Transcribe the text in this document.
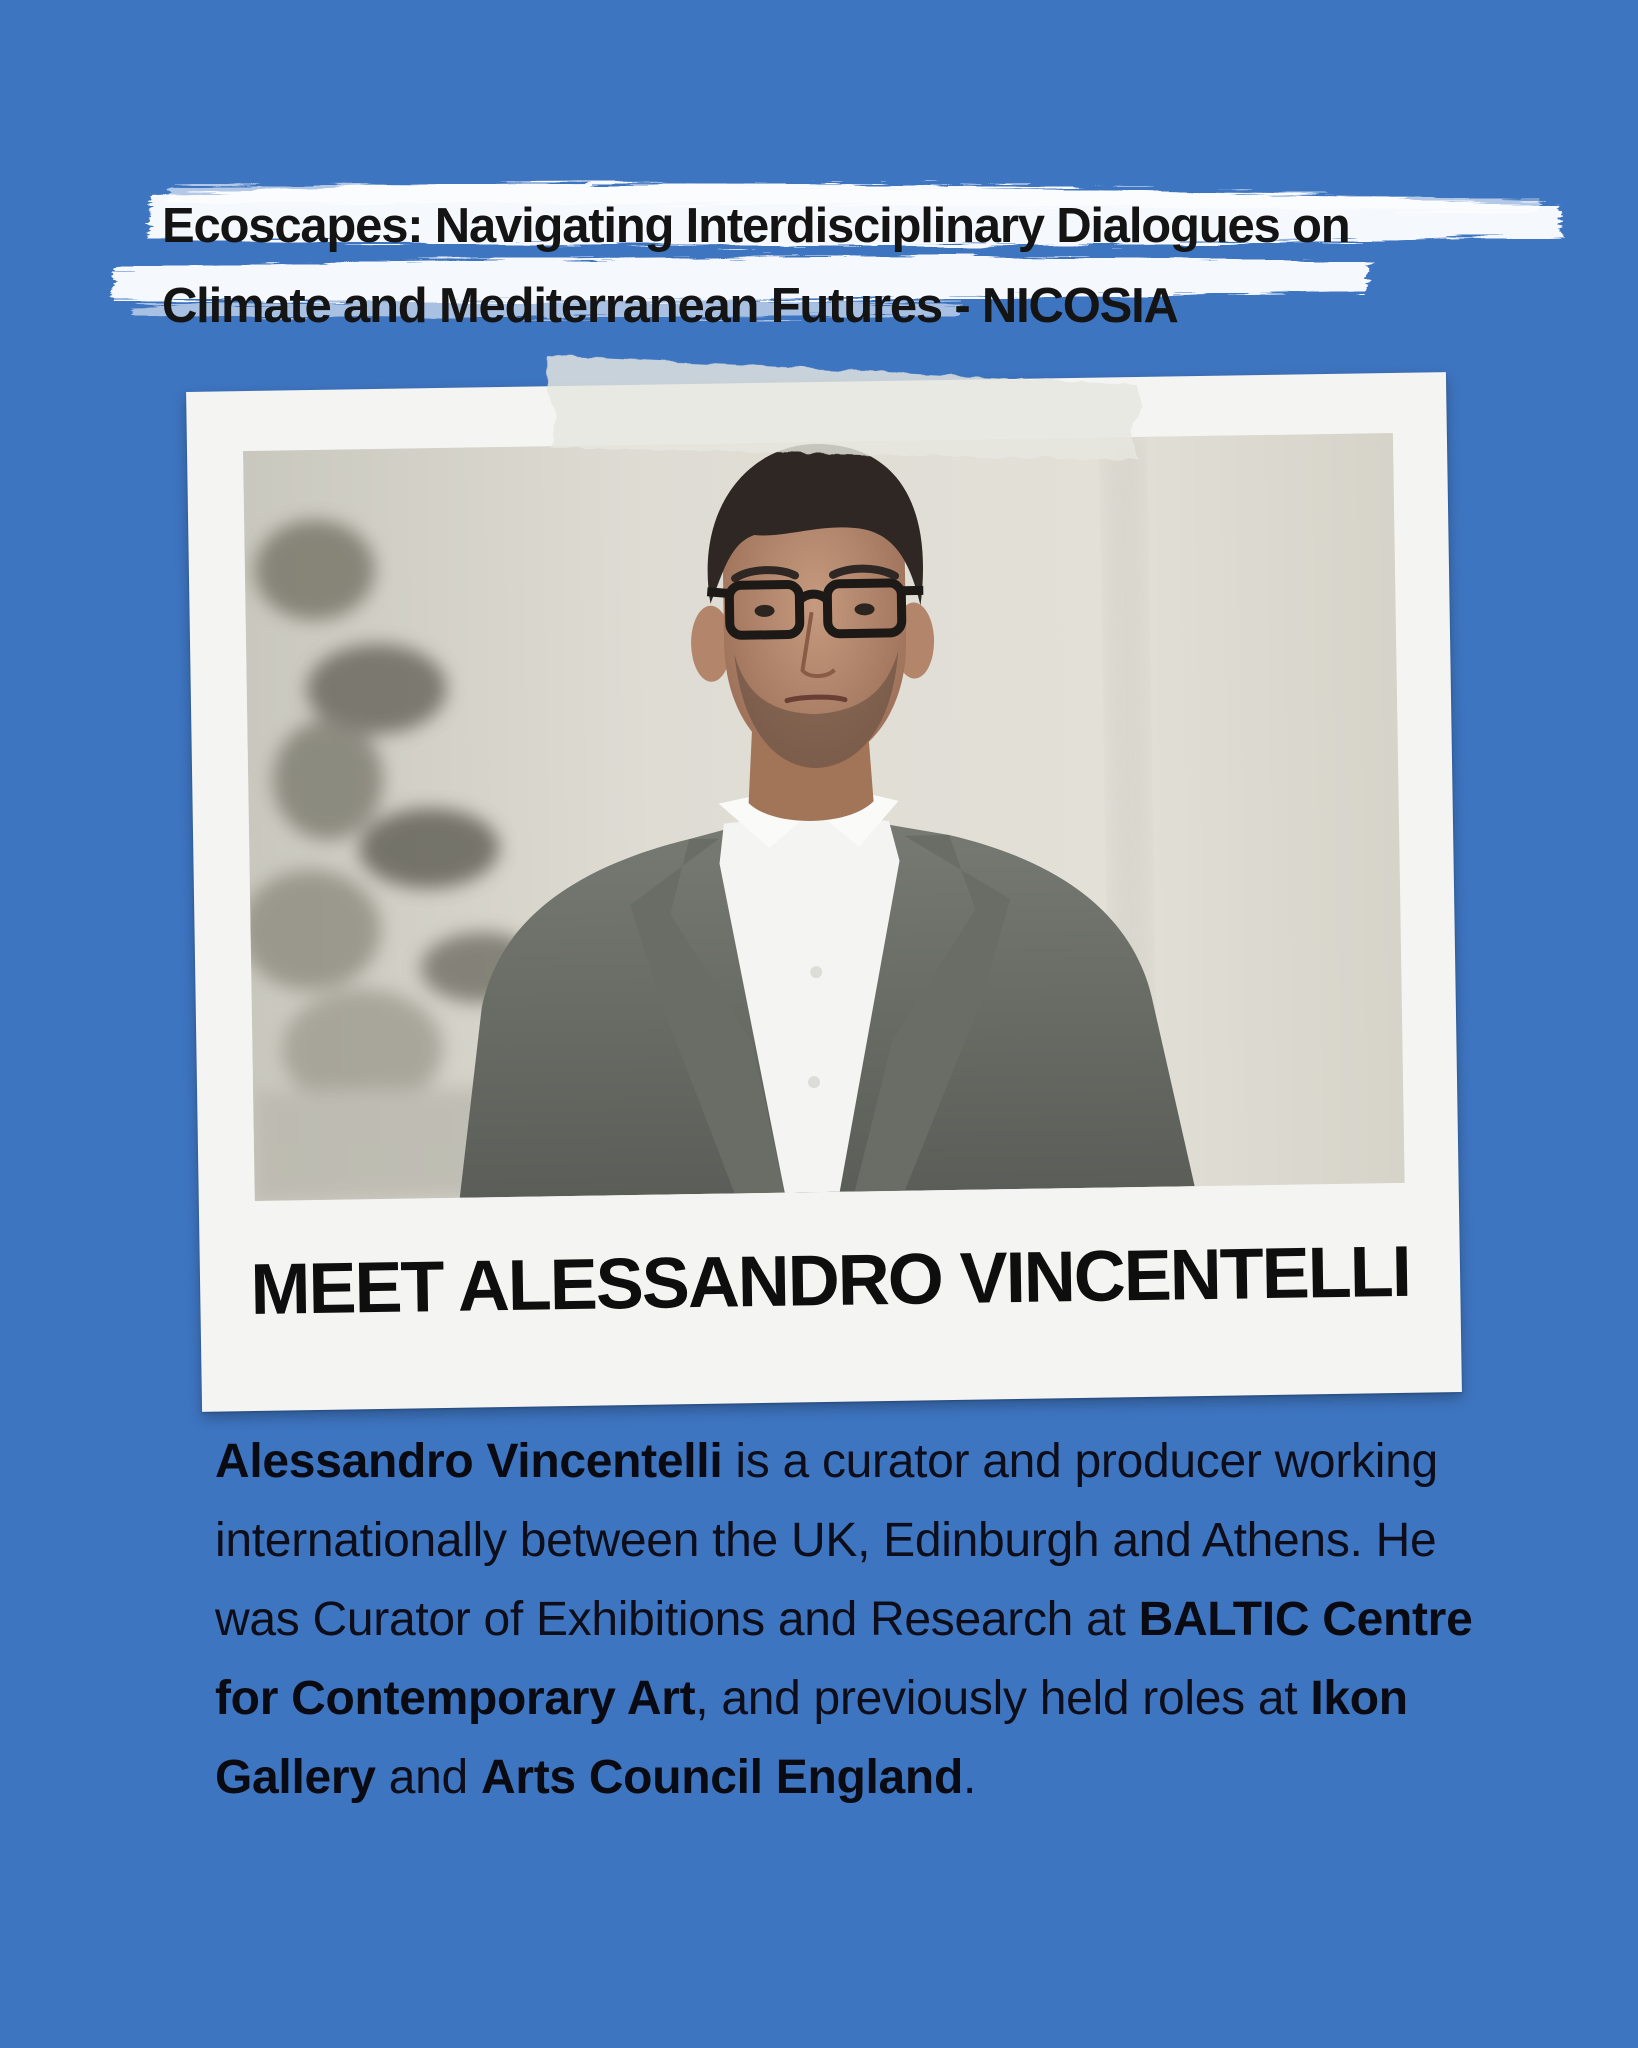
Ecoscapes: Navigating Interdisciplinary Dialogues on
Climate and Mediterranean Futures - NICOSIA
MEET ALESSANDRO VINCENTELLI

Alessandro Vincentelli is a curator and producer working internationally between the UK, Edinburgh and Athens. He was Curator of Exhibitions and Research at BALTIC Centre for Contemporary Art, and previously held roles at Ikon Gallery and Arts Council England.
